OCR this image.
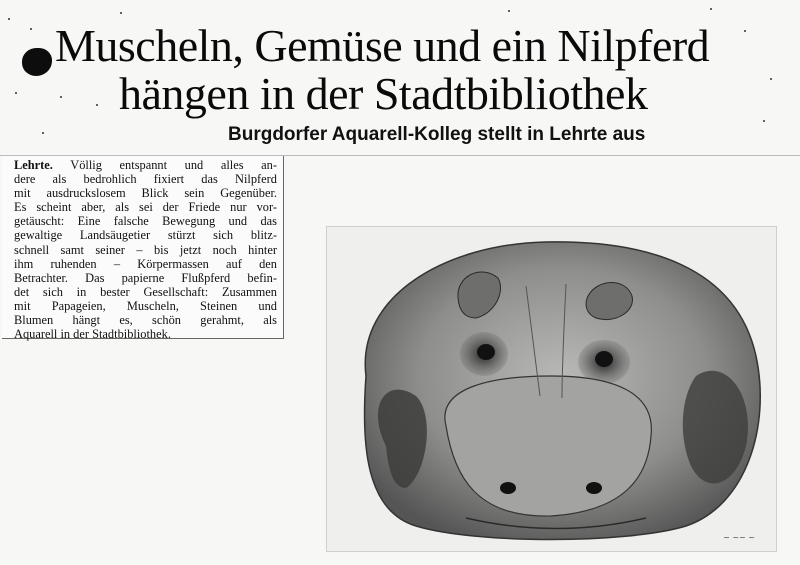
Muscheln, Gemüse und ein Nilpferd
hängen in der Stadtbibliothek
Burgdorfer Aquarell-Kolleg stellt in Lehrte aus
Lehrte. Völlig entspannt und alles an-
dere als bedrohlich fixiert das Nilpferd
mit ausdruckslosem Blick sein Gegenüber.
Es scheint aber, als sei der Friede nur vor-
getäuscht: Eine falsche Bewegung und das
gewaltige Landsäugetier stürzt sich blitz-
schnell samt seiner – bis jetzt noch hinter
ihm ruhenden – Körpermassen auf den
Betrachter. Das papierne Flußpferd befin-
det sich in bester Gesellschaft: Zusammen
mit Papageien, Muscheln, Steinen und
Blumen hängt es, schön gerahmt, als
Aquarell in der Stadtbibliothek.
~ ~~ ~
